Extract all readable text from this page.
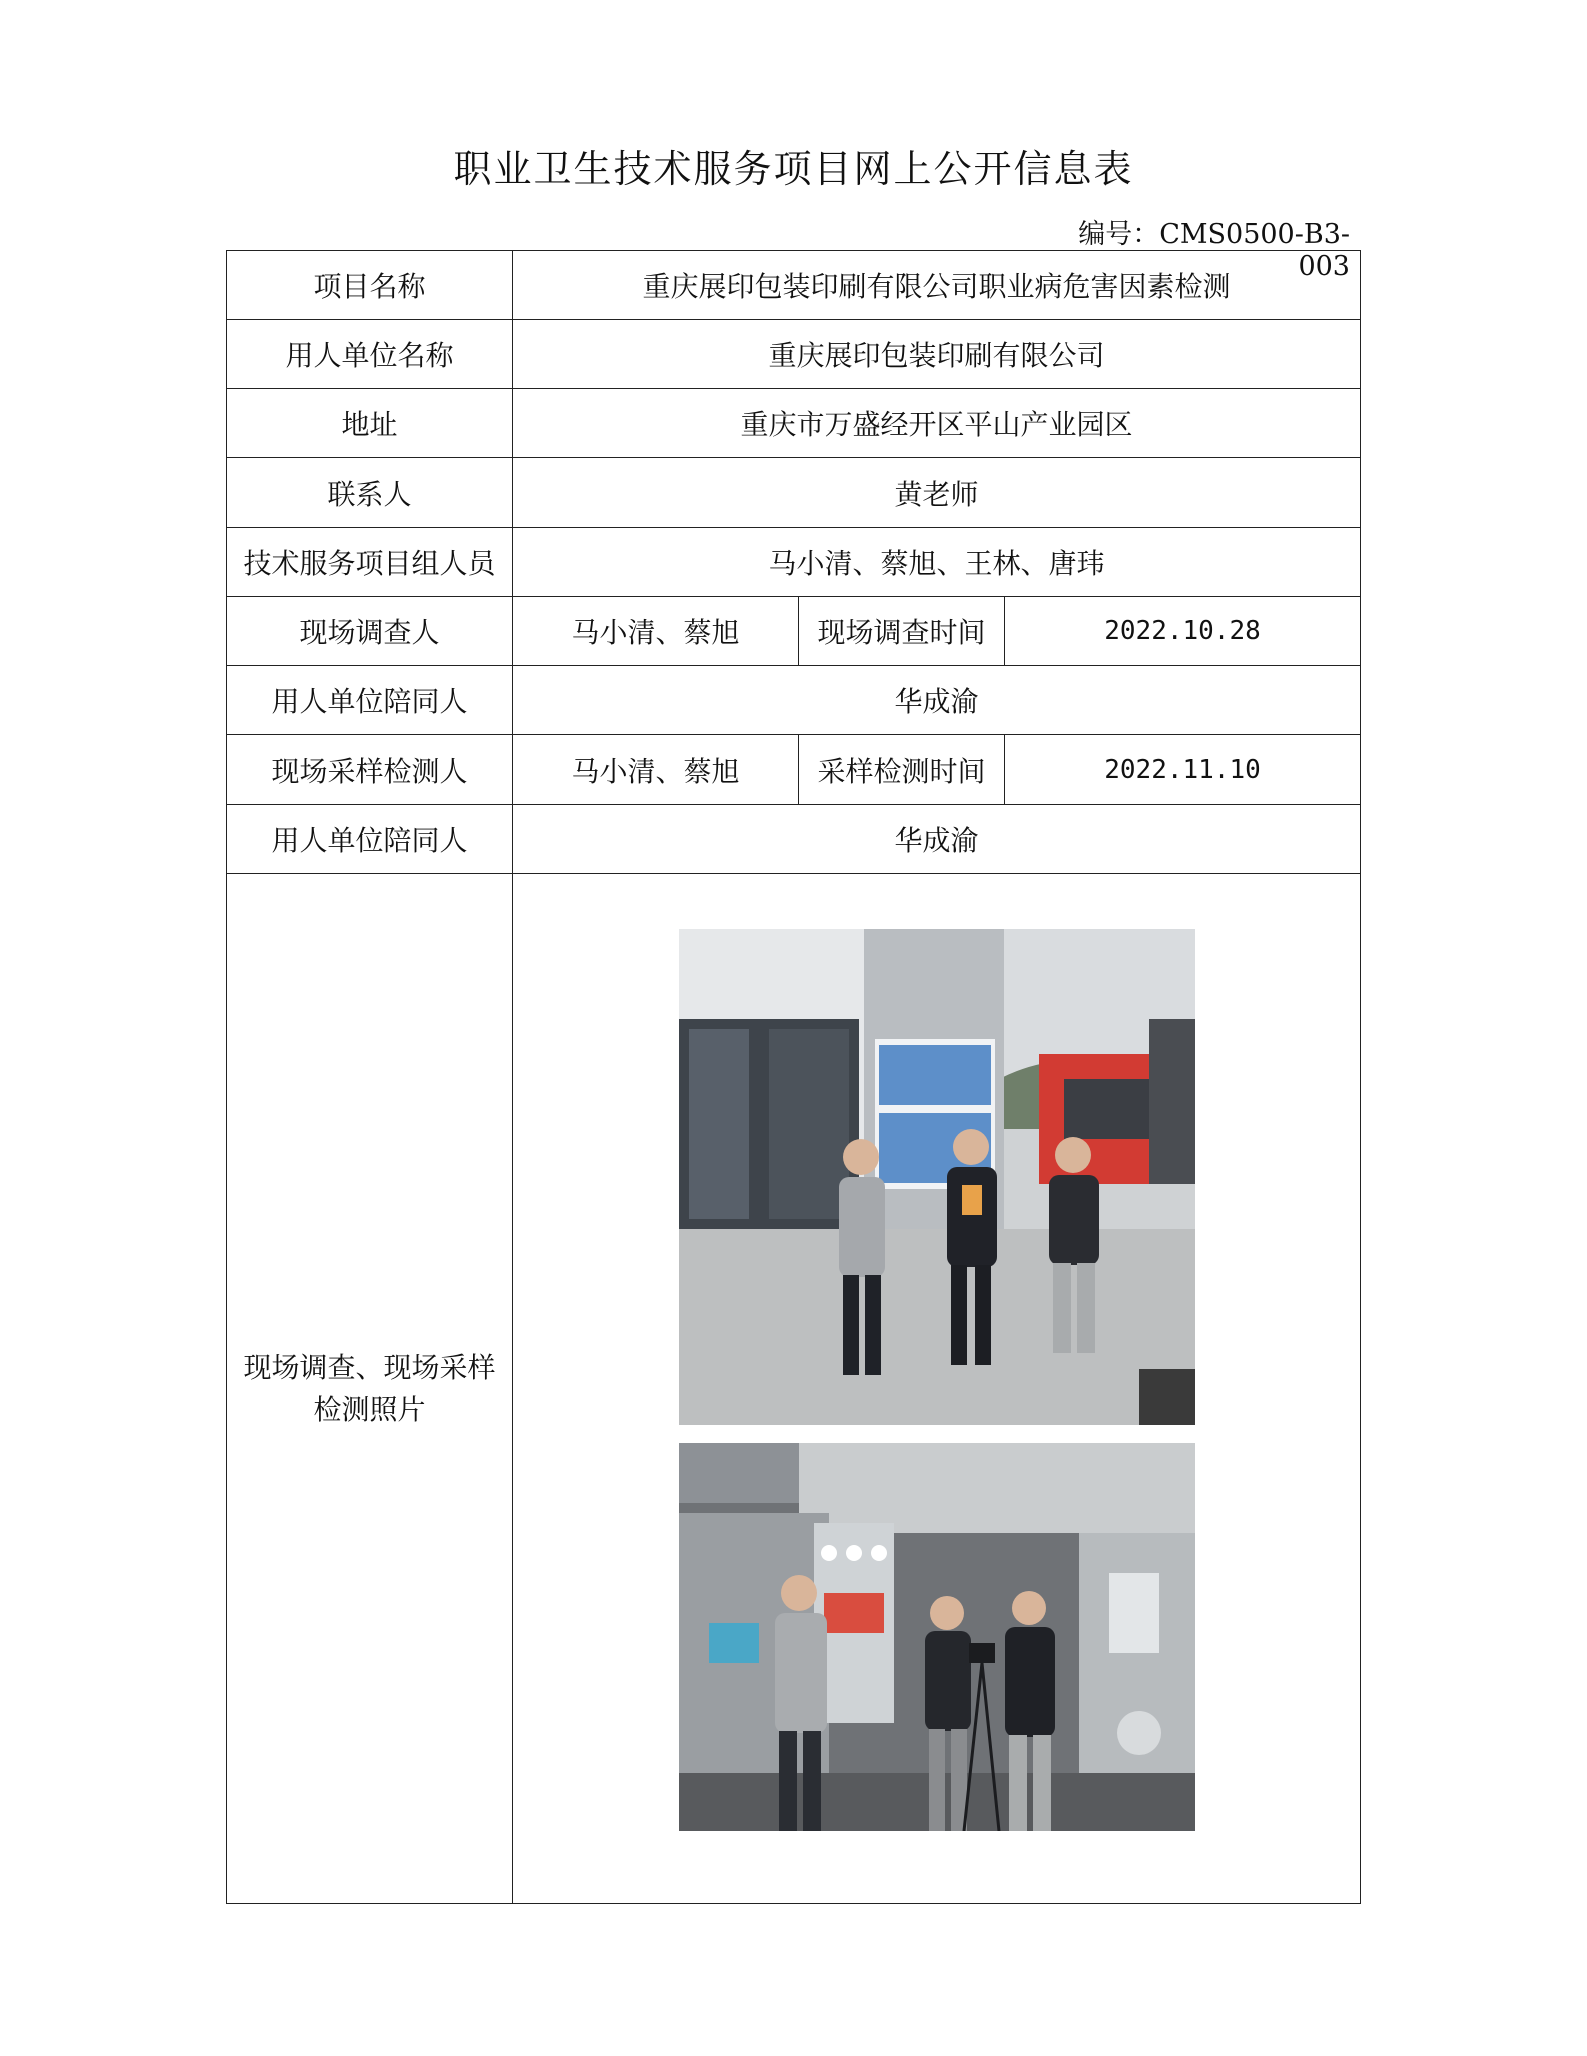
职业卫生技术服务项目网上公开信息表
编号：CMS0500-B3-003
项目名称	重庆展印包装印刷有限公司职业病危害因素检测		
用人单位名称	重庆展印包装印刷有限公司		
地址	重庆市万盛经开区平山产业园区		
联系人	黄老师		
技术服务项目组人员	马小清、蔡旭、王林、唐玮		
现场调查人	马小清、蔡旭	现场调查时间	2022.10.28
用人单位陪同人	华成渝		
现场采样检测人	马小清、蔡旭	采样检测时间	2022.11.10
用人单位陪同人	华成渝		
现场调查、现场采样
检测照片	
